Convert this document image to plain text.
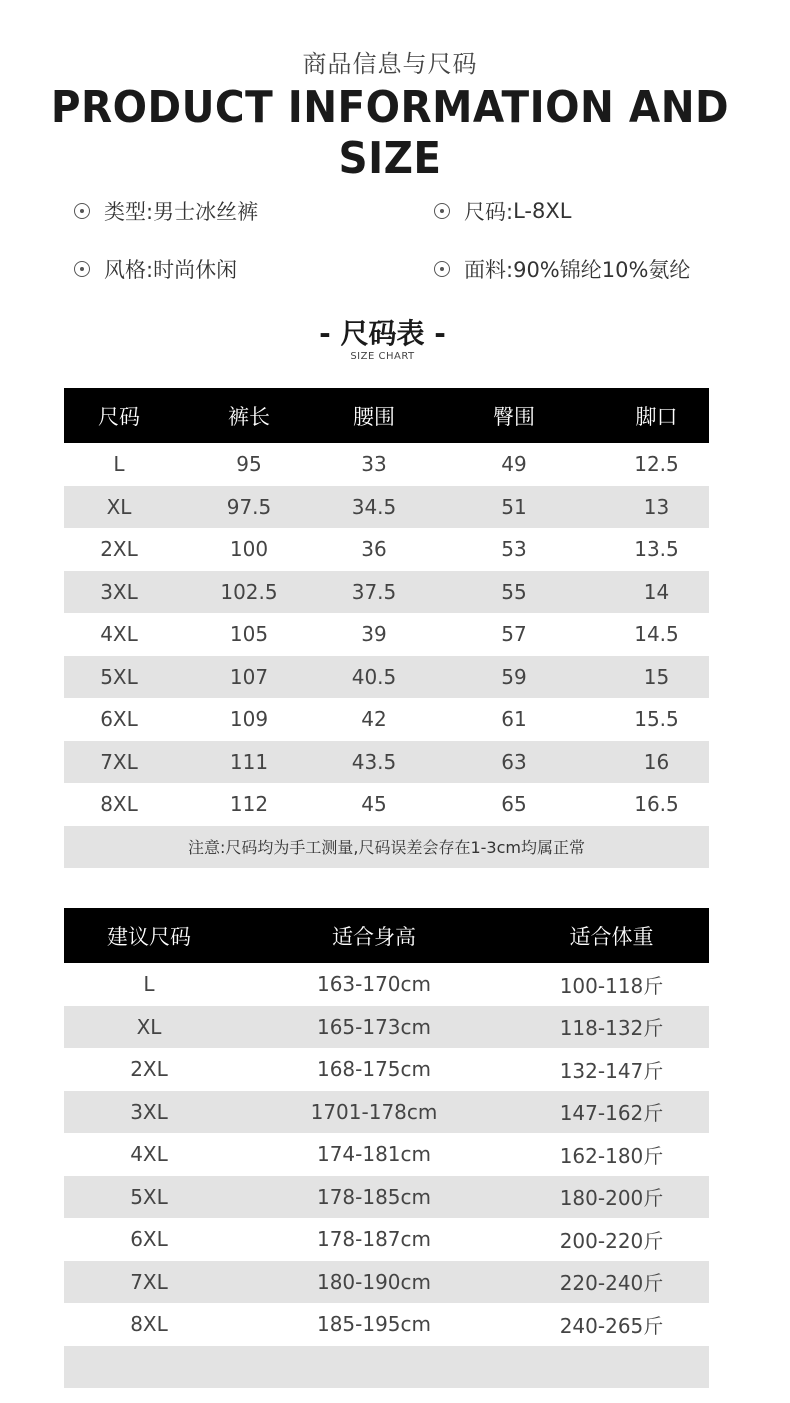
商品信息与尺码
PRODUCT INFORMATION AND SIZE
类型: 男士冰丝裤	尺码: L-8XL
风格: 时尚休闲	面料: 90%锦纶10%氨纶
- 尺码表 -
SIZE CHART
尺码	裤长	腰围	臀围	脚口
L	95	33	49	12.5
XL	97.5	34.5	51	13
2XL	100	36	53	13.5
3XL	102.5	37.5	55	14
4XL	105	39	57	14.5
5XL	107	40.5	59	15
6XL	109	42	61	15.5
7XL	111	43.5	63	16
8XL	112	45	65	16.5
注意:尺码均为手工测量,尺码误差会存在1-3cm均属正常				
建议尺码	适合身高	适合体重
L	163-170cm	100-118斤
XL	165-173cm	118-132斤
2XL	168-175cm	132-147斤
3XL	1701-178cm	147-162斤
4XL	174-181cm	162-180斤
5XL	178-185cm	180-200斤
6XL	178-187cm	200-220斤
7XL	180-190cm	220-240斤
8XL	185-195cm	240-265斤
